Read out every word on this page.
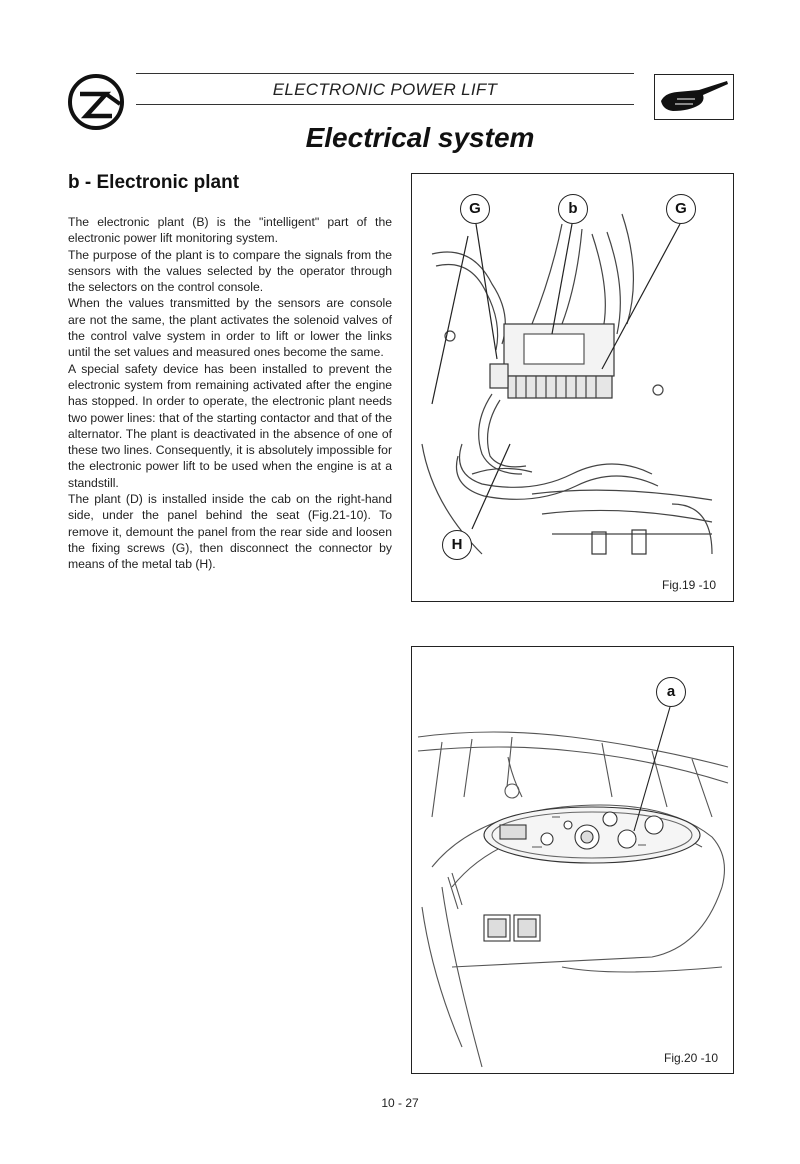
ELECTRONIC POWER LIFT
Electrical system
b - Electronic plant

The electronic plant (B) is the "intelligent" part of the electronic power lift monitoring system.

The purpose of the plant is to compare the signals from the sensors with the values selected by the operator through the selectors on the control console.

When the values transmitted by the sensors are console are not the same, the plant activates the solenoid valves of the control valve system in order to lift or lower the links until the set values and measured ones become the same.

A special safety device has been installed to prevent the electronic system from remaining activated after the engine has stopped. In order to operate, the electronic plant needs two power lines: that of the starting contactor and that of the alternator. The plant is deactivated in the absence of one of these two lines. Consequently, it is absolutely impossible for the electronic power lift to be used when the engine is at a standstill.

The plant (D) is installed inside the cab on the right-hand side, under the panel behind the seat (Fig.21-10). To remove it, demount the panel from the rear side and loosen the fixing screws (G), then disconnect the connector by means of the metal tab (H).

G	b	G
H
Fig.19 -10
a
Fig.20 -10
10 - 27
